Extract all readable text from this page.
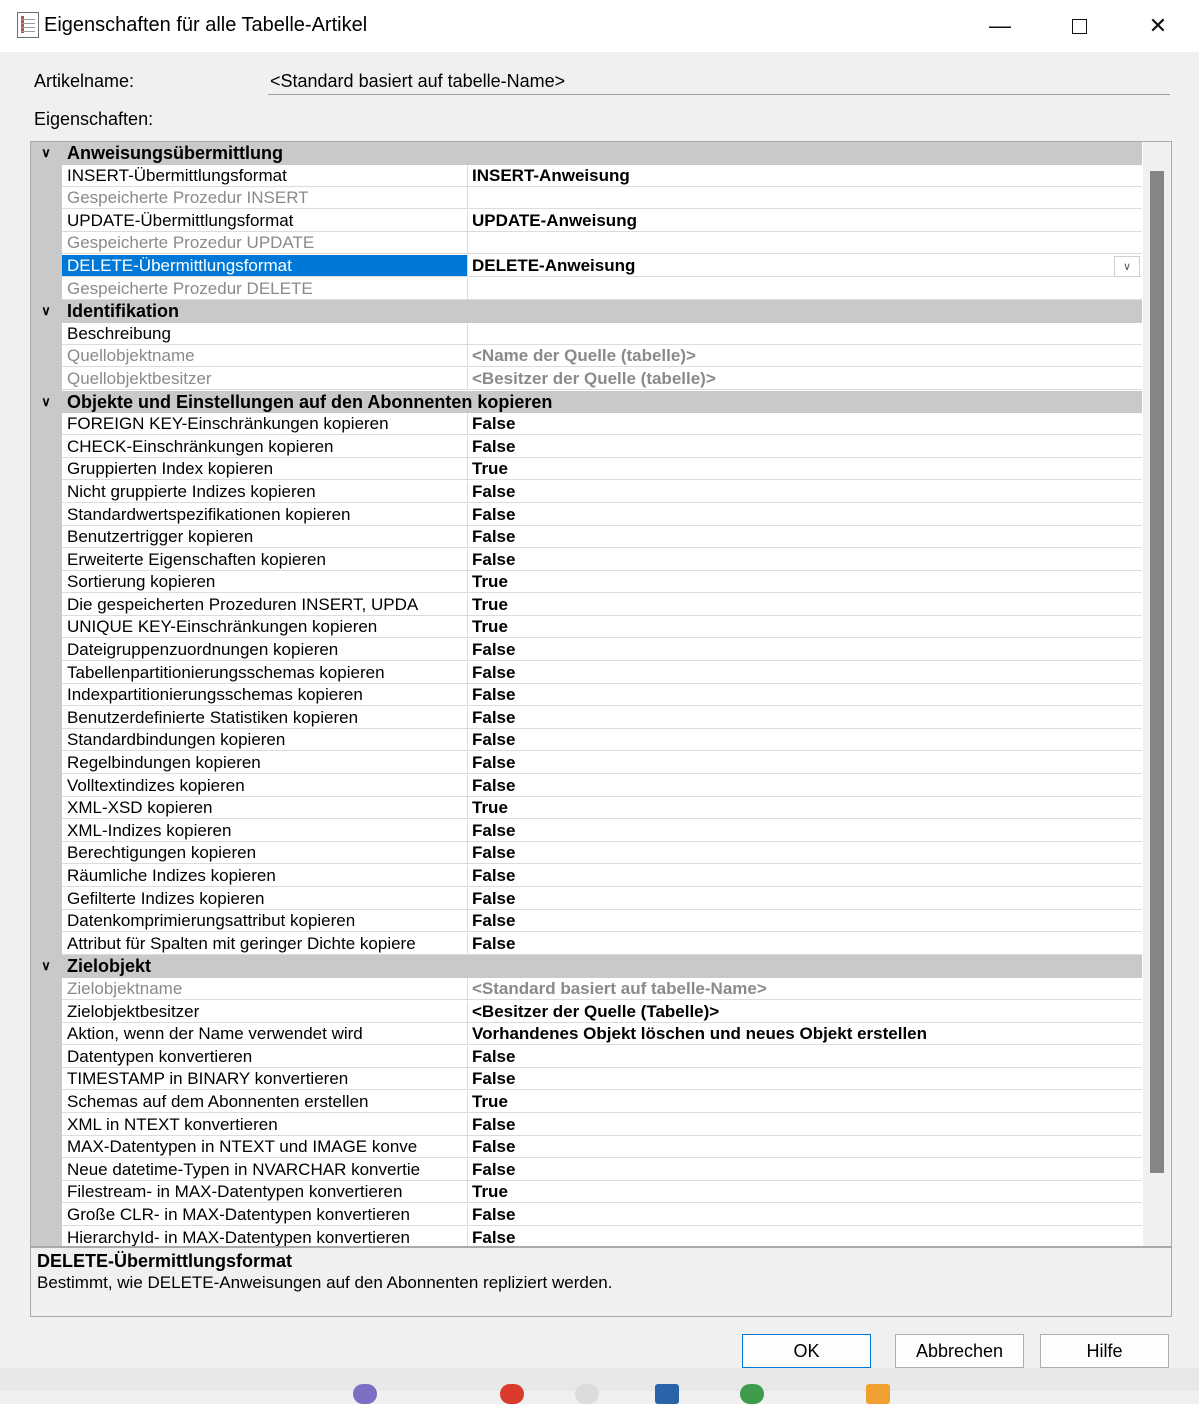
Eigenschaften für alle Tabelle-Artikel	—	✕
Artikelname:	<Standard basiert auf tabelle-Name>
Eigenschaften:
∨ Anweisungsübermittlung
INSERT-Übermittlungsformat	INSERT-Anweisung
Gespeicherte Prozedur INSERT
UPDATE-Übermittlungsformat	UPDATE-Anweisung
Gespeicherte Prozedur UPDATE
DELETE-Übermittlungsformat	DELETE-Anweisung	∨
Gespeicherte Prozedur DELETE
∨ Identifikation
Beschreibung
Quellobjektname	<Name der Quelle (tabelle)>
Quellobjektbesitzer	<Besitzer der Quelle (tabelle)>
∨ Objekte und Einstellungen auf den Abonnenten kopieren
FOREIGN KEY-Einschränkungen kopieren	False
CHECK-Einschränkungen kopieren	False
Gruppierten Index kopieren	True
Nicht gruppierte Indizes kopieren	False
Standardwertspezifikationen kopieren	False
Benutzertrigger kopieren	False
Erweiterte Eigenschaften kopieren	False
Sortierung kopieren	True
Die gespeicherten Prozeduren INSERT, UPDA	True
UNIQUE KEY-Einschränkungen kopieren	True
Dateigruppenzuordnungen kopieren	False
Tabellenpartitionierungsschemas kopieren	False
Indexpartitionierungsschemas kopieren	False
Benutzerdefinierte Statistiken kopieren	False
Standardbindungen kopieren	False
Regelbindungen kopieren	False
Volltextindizes kopieren	False
XML-XSD kopieren	True
XML-Indizes kopieren	False
Berechtigungen kopieren	False
Räumliche Indizes kopieren	False
Gefilterte Indizes kopieren	False
Datenkomprimierungsattribut kopieren	False
Attribut für Spalten mit geringer Dichte kopiere	False
∨ Zielobjekt
Zielobjektname	<Standard basiert auf tabelle-Name>
Zielobjektbesitzer	<Besitzer der Quelle (Tabelle)>
Aktion, wenn der Name verwendet wird	Vorhandenes Objekt löschen und neues Objekt erstellen
Datentypen konvertieren	False
TIMESTAMP in BINARY konvertieren	False
Schemas auf dem Abonnenten erstellen	True
XML in NTEXT konvertieren	False
MAX-Datentypen in NTEXT und IMAGE konve	False
Neue datetime-Typen in NVARCHAR konvertie	False
Filestream- in MAX-Datentypen konvertieren	True
Große CLR- in MAX-Datentypen konvertieren	False
HierarchyId- in MAX-Datentypen konvertieren	False
DELETE-Übermittlungsformat
Bestimmt, wie DELETE-Anweisungen auf den Abonnenten repliziert werden.
OK	Abbrechen	Hilfe
